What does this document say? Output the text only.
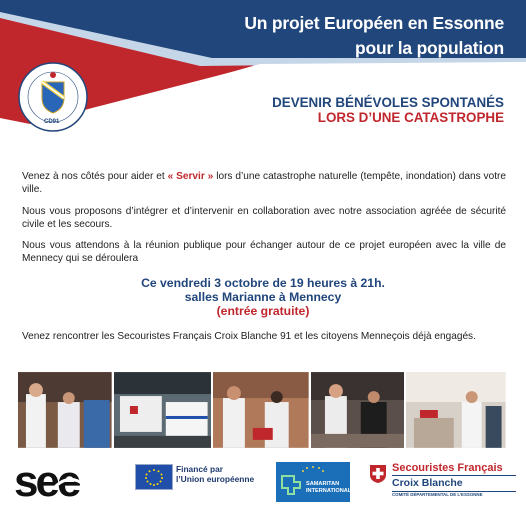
Un projet Européen en Essonne
pour la population
CD91
DEVENIR BÉNÉVOLES SPONTANÉS
LORS D’UNE CATASTROPHE
Venez à nos côtés pour aider et « Servir » lors d’une catastrophe naturelle (tempête, inondation) dans votre ville.
Nous vous proposons d’intégrer et d’intervenir en collaboration avec notre association agréée de sécurité civile et les secours.
Nous vous attendons à la réunion publique pour échanger autour de ce projet européen avec la ville de Mennecy qui se déroulera
Ce vendredi 3 octobre de 19 heures à 21h.
salles Marianne à Mennecy
(entrée gratuite)
Venez rencontrer les Secouristes Français Croix Blanche 91 et les citoyens Menneçois déjà engagés.
see	Financé par
l’Union européenne	SAMARITAN
INTERNATIONAL
Secouristes Français
Croix Blanche
COMITÉ DÉPARTEMENTAL DE L’ESSONNE
